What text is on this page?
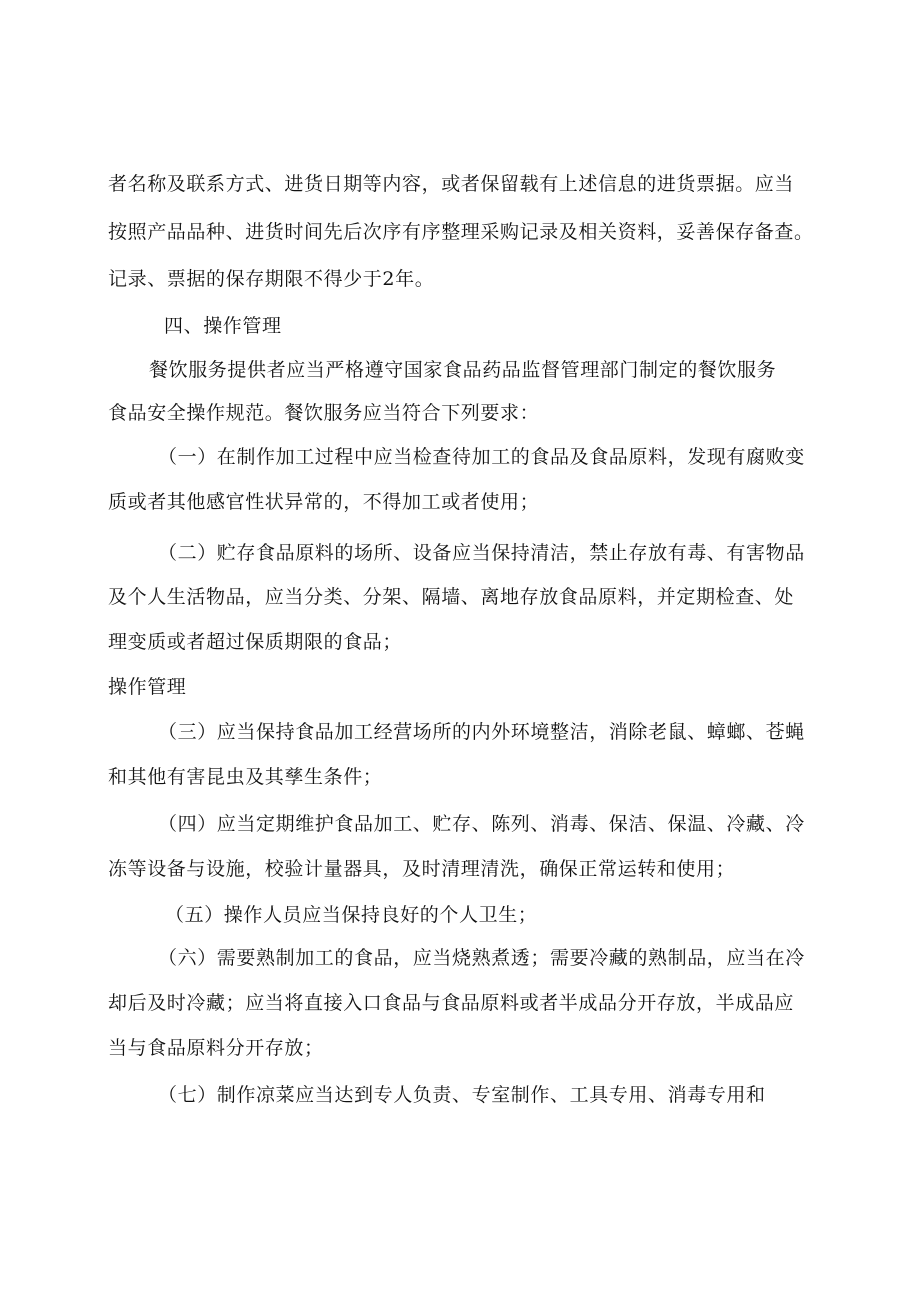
者名称及联系方式、进货日期等内容，或者保留载有上述信息的进货票据。应当
按照产品品种、进货时间先后次序有序整理采购记录及相关资料，妥善保存备查。
记录、票据的保存期限不得少于2年。
四、操作管理
餐饮服务提供者应当严格遵守国家食品药品监督管理部门制定的餐饮服务
食品安全操作规范。餐饮服务应当符合下列要求：
（一）在制作加工过程中应当检查待加工的食品及食品原料，发现有腐败变
质或者其他感官性状异常的，不得加工或者使用；
（二）贮存食品原料的场所、设备应当保持清洁，禁止存放有毒、有害物品
及个人生活物品，应当分类、分架、隔墙、离地存放食品原料，并定期检查、处
理变质或者超过保质期限的食品；
操作管理
（三）应当保持食品加工经营场所的内外环境整洁，消除老鼠、蟑螂、苍蝇
和其他有害昆虫及其孳生条件；
（四）应当定期维护食品加工、贮存、陈列、消毒、保洁、保温、冷藏、冷
冻等设备与设施，校验计量器具，及时清理清洗，确保正常运转和使用；
（五）操作人员应当保持良好的个人卫生；
（六）需要熟制加工的食品，应当烧熟煮透；需要冷藏的熟制品，应当在冷
却后及时冷藏；应当将直接入口食品与食品原料或者半成品分开存放，半成品应
当与食品原料分开存放；
（七）制作凉菜应当达到专人负责、专室制作、工具专用、消毒专用和
